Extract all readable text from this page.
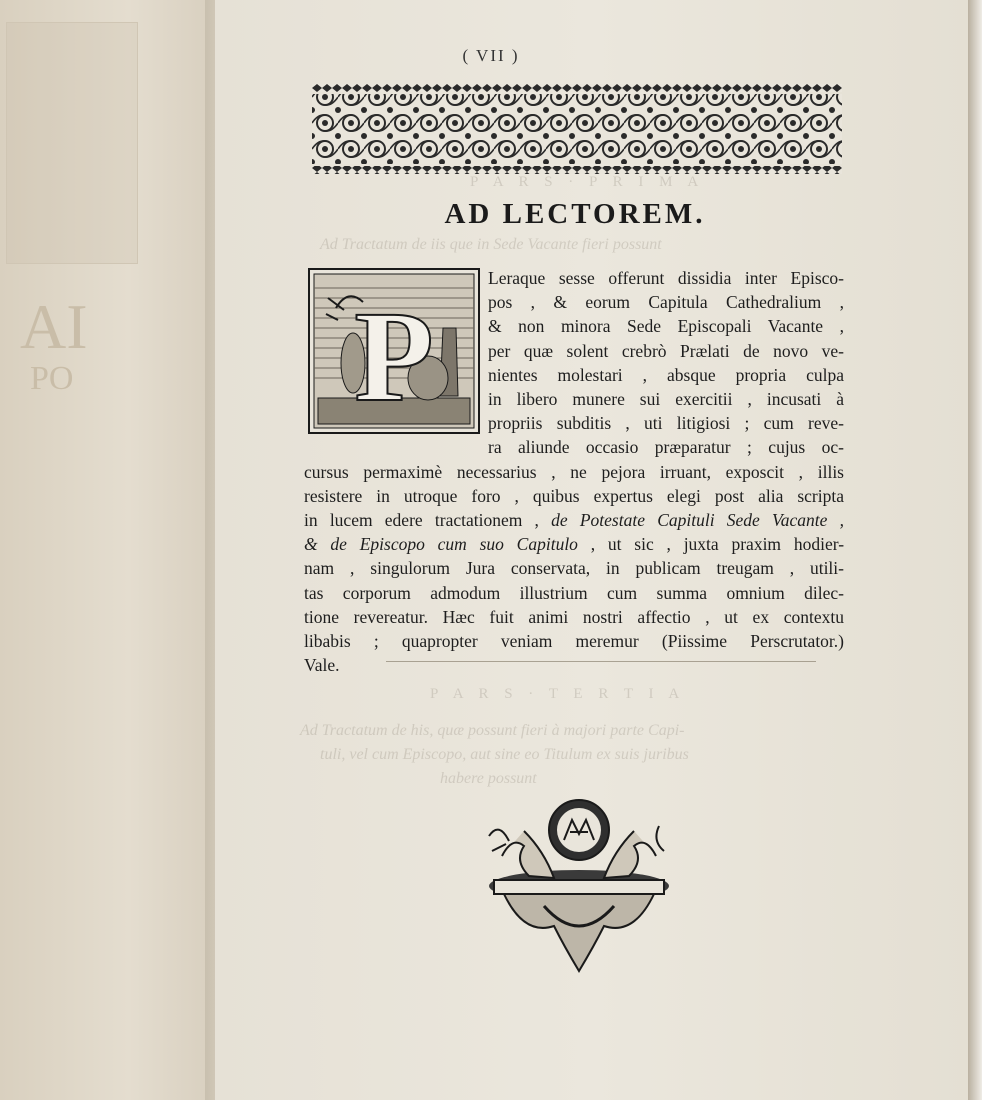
AI
PO
P A R S · P R I M A
Ad Tractatum de iis que in Sede Vacante fieri possunt
P A R S · T E R T I A
Ad Tractatum de his, quæ possunt fieri à majori parte Capi-
tuli, vel cum Episcopo, aut sine eo Titulum ex suis juribus
habere possunt
( VII )
AD LECTOREM.
P
Leraque sesse offerunt dissidia inter Episco-
pos , & eorum Capitula Cathedralium ,
& non minora Sede Episcopali Vacante ,
per quæ solent crebrò Prælati de novo ve-
nientes molestari , absque propria culpa
in libero munere sui exercitii , incusati à
propriis subditis , uti litigiosi ; cum reve-
ra aliunde occasio præparatur ; cujus oc-
cursus permaximè necessarius , ne pejora irruant, exposcit , illis
resistere in utroque foro , quibus expertus elegi post alia scripta
in lucem edere tractationem , de Potestate Capituli Sede Vacante ,
& de Episcopo cum suo Capitulo , ut sic , juxta praxim hodier-
nam , singulorum Jura conservata, in publicam treugam , utili-
tas corporum admodum illustrium cum summa omnium dilec-
tione revereatur. Hæc fuit animi nostri affectio , ut ex contextu
libabis ; quapropter veniam meremur (Piissime Perscrutator.)
Vale.
